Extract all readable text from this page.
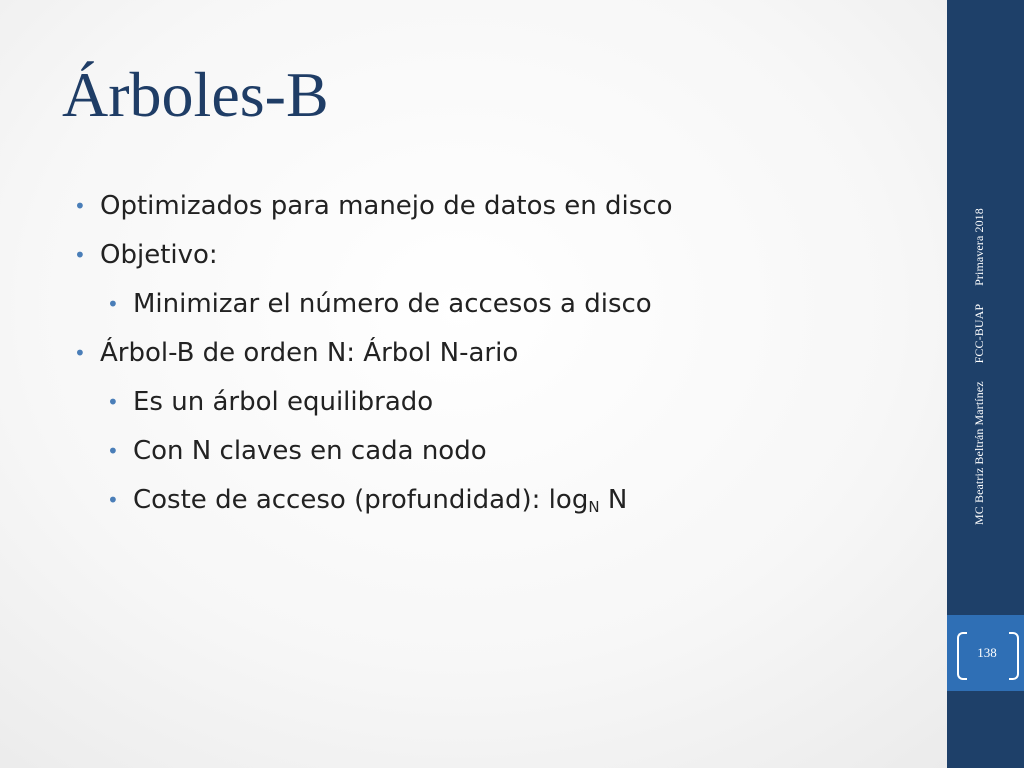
Árboles-B
• Optimizados para manejo de datos en disco
• Objetivo:
• Minimizar el número de accesos a disco
• Árbol-B de orden N: Árbol N-ario
• Es un árbol equilibrado
• Con N claves en cada nodo
• Coste de acceso (profundidad): $\log_N N$	MC Beatriz Beltrán MartínezFCC-BUAPPrimavera 2018
138
